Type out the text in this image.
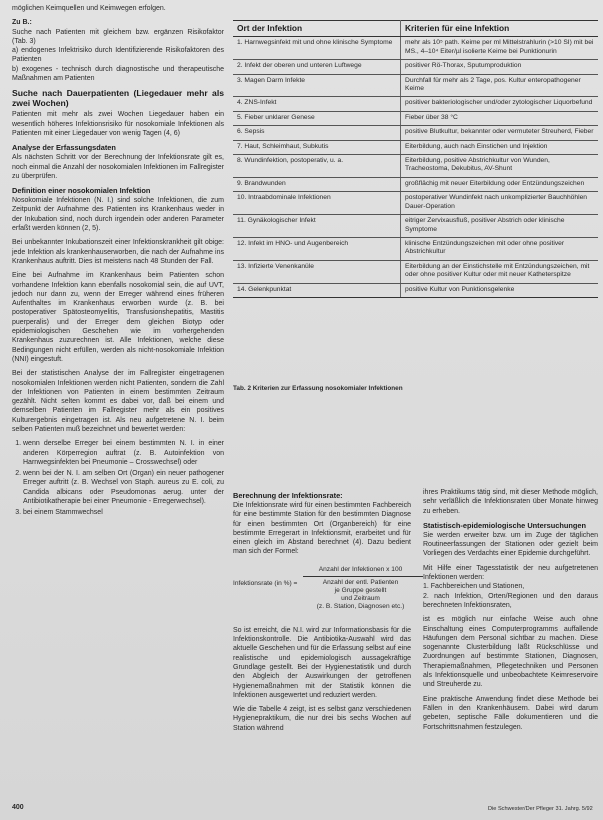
möglichen Keimquellen und Keimwegen erfolgen.

Zu B.:

Suche nach Patienten mit gleichem bzw. ergänzen Risikofaktor (Tab. 3)

a) endogenes Infektrisiko durch Identifizierende Risikofaktoren des Patienten

b) exogenes - technisch durch diagnostische und therapeutische Maßnahmen am Patienten

Suche nach Dauerpatienten (Liegedauer mehr als zwei Wochen)

Patienten mit mehr als zwei Wochen Liegedauer haben ein wesentlich höheres Infektionsrisiko für nosokomiale Infektionen als Patienten mit einer Liegedauer von wenig Tagen (4, 6)

Analyse der Erfassungsdaten

Als nächsten Schritt vor der Berechnung der Infektionsrate gilt es, noch einmal die Anzahl der nosokomialen Infektionen im Fallregister zu überprüfen.

Definition einer nosokomialen Infektion

Nosokomiale Infektionen (N. I.) sind solche Infektionen, die zum Zeitpunkt der Aufnahme des Patienten ins Krankenhaus weder in der Inkubation sind, noch durch irgendein oder anderen Parameter erfaßt werden können (2, 5).

Bei unbekannter Inkubationszeit einer Infektionskrankheit gilt obige: jede Infektion als krankenhauserworben, die nach der Aufnahme ins Krankenhaus auftritt. Dies ist meistens nach 48 Stunden der Fall.

Eine bei Aufnahme im Krankenhaus beim Patienten schon vorhandene Infektion kann ebenfalls nosokomial sein, die auf UVT, jedoch nur dann zu, wenn der Erreger während eines früheren Aufenthaltes im Krankenhaus erworben wurde (z. B. bei postoperativer Spätosteomyelitis, Transfusionshepatitis, Mastitis puerperalis) und der Erreger dem gleichen Biotyp oder epidemiologischen Geschehen wie im vorhergehenden Krankenhaus zuzurechnen ist. Alle Infektionen, welche diese Bedingungen nicht erfüllen, werden als nicht-nosokomiale Infektion (NNI) eingestuft.

Bei der statistischen Analyse der im Fallregister eingetragenen nosokomialen Infektionen werden nicht Patienten, sondern die Zahl der Infektionen von Patienten in einem bestimmten Zeitraum gezählt. Nicht selten kommt es dabei vor, daß bei einem und demselben Patienten im Fallregister mehr als ein positives Kulturergebnis eingetragen ist. Als neu aufgetretene N. I. beim selben Patienten muß bezeichnet und bewertet werden:

1. wenn derselbe Erreger bei einem bestimmten N. I. in einer anderen Körperregion auftrat (z. B. Autoinfektion von Harnwegsinfekten bei Pneumonie – Crosswechsel) oder
2. wenn bei der N. I. am selben Ort (Organ) ein neuer pathogener Erreger auftritt (z. B. Wechsel von Staph. aureus zu E. coli, zu Candida albicans oder Pseudomonas aerug. unter der Antibiotikatherapie bei einer Pneumonie - Erregerwechsel).
3. bei einem Stammwechsel
Ort der Infektion	Kriterien für eine Infektion
1. Harnwegsinfekt mit und ohne klinische Symptome	mehr als 10⁵ path. Keime per ml Mittelstrahlurin (>10 SI) mit bei MS., 4–10⁴ Eiter/µl isolierte Keime bei Punktionurin
2. Infekt der oberen und unteren Luftwege	positiver Rö-Thorax, Sputumproduktion
3. Magen Darm Infekte	Durchfall für mehr als 2 Tage, pos. Kultur enteropathogener Keime
4. ZNS-Infekt	positiver bakteriologischer und/oder zytologischer Liquorbefund
5. Fieber unklarer Genese	Fieber über 38 °C
6. Sepsis	positive Blutkultur, bekannter oder vermuteter Streuherd, Fieber
7. Haut, Schleimhaut, Subkutis	Eiterbildung, auch nach Einstichen und Injektion
8. Wundinfektion, postoperativ, u. a.	Eiterbildung, positive Abstrichkultur von Wunden, Tracheostoma, Dekubitus, AV-Shunt
9. Brandwunden	großflächig mit neuer Eiterbildung oder Entzündungszeichen
10. Intraabdominale Infektionen	postoperativer Wundinfekt nach unkomplizierter Bauchhöhlen Dauer-Operation
11. Gynäkologischer Infekt	eitriger Zervixausfluß, positiver Abstrich oder klinische Symptome
12. Infekt im HNO- und Augenbereich	klinische Entzündungszeichen mit oder ohne positiver Abstrichkultur
13. Infizierte Venenkanüle	Eiterbildung an der Einstichstelle mit Entzündungszeichen, mit oder ohne positiver Kultur oder mit neuer Katheterspitze
14. Gelenkpunktat	positive Kultur von Punktionsgelenke
Tab. 2 Kriterien zur Erfassung nosokomialer Infektionen
Berechnung der Infektionsrate:

Die Infektionsrate wird für einen bestimmten Fachbereich für eine bestimmte Station für den bestimmten Diagnose für einen bestimmten Ort (Organbereich) für eine bestimmte Erregerart in Infektionsmit, erarbeitet und für einen gleich im Abstand berechnet (4). Dazu bedient man sich der Formel:

Infektionsrate (in %) =
Anzahl der Infektionen x 100
Anzahl der entl. Patienten
je Gruppe gestellt
und Zeitraum
(z. B. Station, Diagnosen etc.)

So ist erreicht, die N.I. wird zur Informationsbasis für die Infektionskontrolle. Die Antibiotika-Auswahl wird das aktuelle Geschehen und für die Erfassung selbst auf eine realistische und epidemiologisch aussagekräftige Grundlage gestellt. Bei der Hygienestatistik und durch den Abgleich der Auswirkungen der getroffenen Hygienemaßnahmen mit der Statistik können die Infektionen ausgewertet und reduziert werden.

Wie die Tabelle 4 zeigt, ist es selbst ganz verschiedenen Hygienepraktikum, die nur drei bis sechs Wochen auf Station während

ihres Praktikums tätig sind, mit dieser Methode möglich, sehr verläßlich die Infektionsraten über Monate hinweg zu erheben.

Statistisch-epidemiologische Untersuchungen

Sie werden erweiter bzw. um im Zuge der täglichen Routineerfassungen der Stationen oder gezielt beim Vorliegen des Verdachts einer Epidemie durchgeführt.

Mit Hilfe einer Tagesstatistik der neu aufgetretenen Infektionen werden:

1. Fachbereichen und Stationen,

2. nach Infektion, Orten/Regionen und den daraus berechneten Infektionsraten,

ist es möglich nur einfache Weise auch ohne Einschaltung eines Computerprogramms auffallende Häufungen dem Personal sichtbar zu machen. Diese sogenannte Clusterbildung läßt Rückschlüsse und Zuordnungen auf bestimmte Stationen, Diagnosen, Therapiemaßnahmen, Pflegetechniken und Personen als Infektionsquelle und unbeobachtete Keimreservoire und Streuherde zu.

Eine praktische Anwendung findet diese Methode bei Fällen in den Krankenhäusern. Dabei wird darum gebeten, septische Fälle dokumentieren und die Fortschrittsnahmen festzulegen.

400	Die Schwester/Der Pfleger 31. Jahrg. 5/92
